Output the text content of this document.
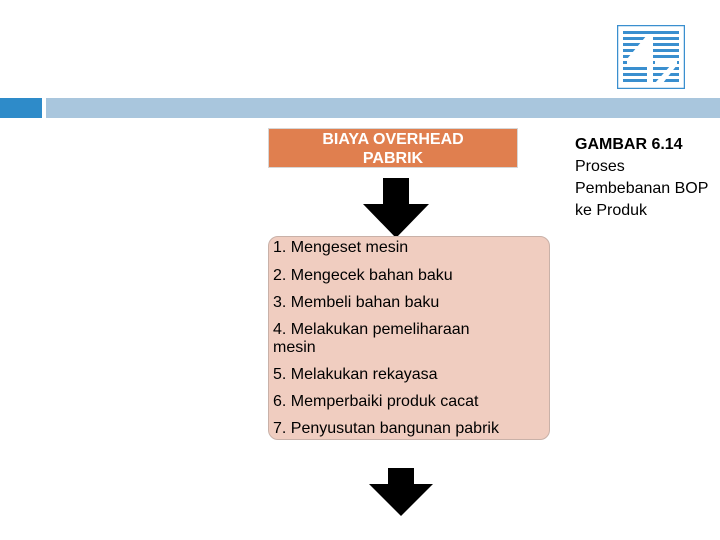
BIAYA OVERHEAD
PABRIK
1. Mengeset mesin
2. Mengecek bahan baku
3. Membeli bahan baku
4. Melakukan pemeliharaan mesin
5. Melakukan rekayasa
6. Memperbaiki produk cacat
7. Penyusutan bangunan pabrik
GAMBAR 6.14 Proses Pembebanan BOP ke Produk
